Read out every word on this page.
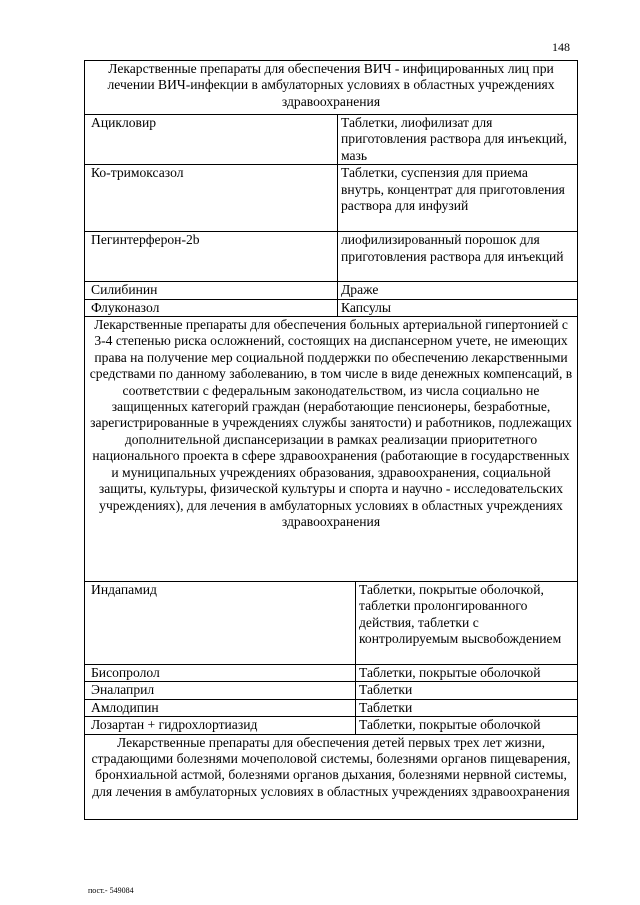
148
Лекарственные препараты для обеспечения ВИЧ - инфицированных лиц при лечении ВИЧ-инфекции в амбулаторных условиях в областных учреждениях здравоохранения		
Ацикловир	Таблетки, лиофилизат для приготовления раствора для инъекций, мазь	
Ко-тримоксазол	Таблетки, суспензия для приема внутрь, концентрат для приготовления раствора для инфузий	
Пегинтерферон-2b	лиофилизированный порошок для приготовления раствора для инъекций	
Силибинин	Драже	
Флуконазол	Капсулы	
Лекарственные препараты для обеспечения больных артериальной гипертонией с 3-4 степенью риска осложнений, состоящих на диспансерном учете, не имеющих права на получение мер социальной поддержки по обеспечению лекарственными средствами по данному заболеванию, в том числе в виде денежных компенсаций, в соответствии с федеральным законодательством, из числа социально не защищенных категорий граждан (неработающие пенсионеры, безработные, зарегистрированные в учреждениях службы занятости) и работников, подлежащих дополнительной диспансеризации в рамках реализации приоритетного национального проекта в сфере здравоохранения (работающие в государственных и муниципальных учреждениях образования, здравоохранения, социальной защиты, культуры, физической культуры и спорта и научно - исследовательских учреждениях), для лечения в амбулаторных условиях в областных учреждениях здравоохранения		
Индапамид		Таблетки, покрытые оболочкой, таблетки пролонгированного действия, таблетки с контролируемым высвобождением
Бисопролол		Таблетки, покрытые оболочкой
Эналаприл		Таблетки
Амлодипин		Таблетки
Лозартан + гидрохлортиазид		Таблетки, покрытые оболочкой
Лекарственные препараты для обеспечения детей первых трех лет жизни, страдающими болезнями мочеполовой системы, болезнями органов пищеварения, бронхиальной астмой, болезнями органов дыхания, болезнями нервной системы, для лечения в амбулаторных условиях в областных учреждениях здравоохранения		
пост.- 549084
